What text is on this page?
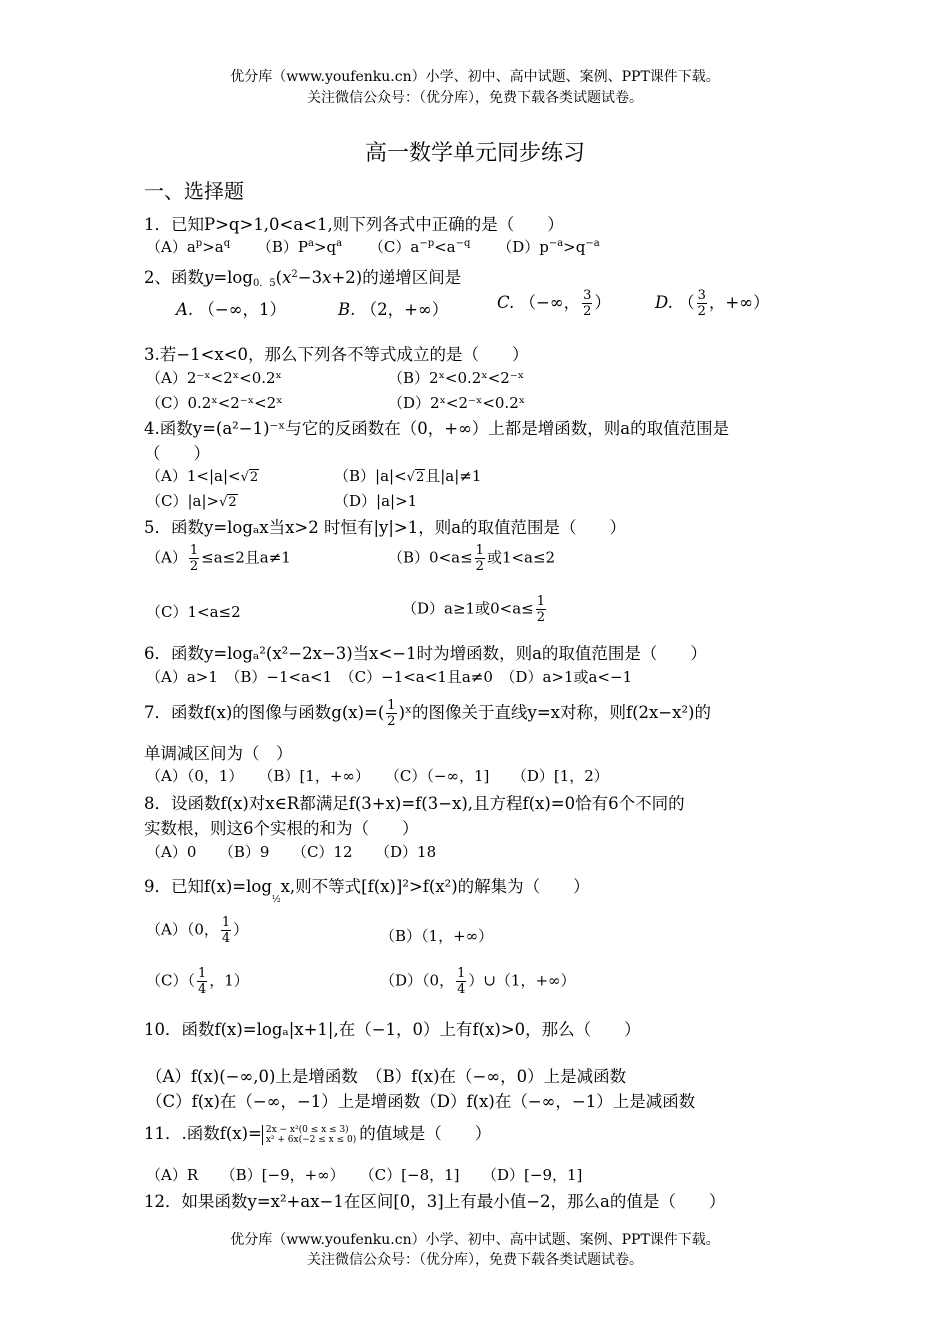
优分库（www.youfenku.cn）小学、初中、高中试题、案例、PPT课件下载。
关注微信公众号：（优分库），免费下载各类试题试卷。
高一数学单元同步练习
一、选择题
1．已知P>q>1,0<a<1,则下列各式中正确的是（　　）
$(A)a^p>a^q$ $(B)P^a>q^a$ $(C)a^{-p}<a^{-q}$ $(D)p^{-a}>q^{-a}$
2、函数$y=\log_{0.5}(x^2-3x+2)$的递增区间是
A. （−∞，1）	B. （2，+∞）	C. （−∞， $\frac{3}{2}$ ）	D. （ $\frac{3}{2}$ ，+∞）
3.若−1<x<0，那么下列各不等式成立的是（　　）
（A）2⁻ˣ<2ˣ<0.2ˣ	（B）2ˣ<0.2ˣ<2⁻ˣ
（C）0.2ˣ<2⁻ˣ<2ˣ	（D）2ˣ<2⁻ˣ<0.2ˣ
4.函数y=(a²−1)⁻ˣ与它的反函数在（0，+∞）上都是增函数，则a的取值范围是
（　　）
（A）1<|a|<√2	（B）|a|<√2且|a|≠1
（C）|a|>√2	（D）|a|>1
5．函数y=logₐx当x>2 时恒有|y|>1，则a的取值范围是（　　）
$(A) \frac{1}{2} \le a\le 2$且a≠1	$(B)0<a\le \frac{1}{2}$ 或1<a≤2
（C）1<a≤2	（D）a≥1或$0<a\le \frac{1}{2}$
6．函数y=logₐ²(x²−2x−3)当x<−1时为增函数，则a的取值范围是（　　）
（A）a>1　（B）−1<a<1　（C）−1<a<1且a≠0　（D）a>1或a<−1
7．函数f(x)的图像与函数$g(x)=( \frac{1}{2}$ )ˣ的图像关于直线y=x对称，则f(2x−x²)的
单调减区间为（　）
（A）（0，1）　　（B）[1，+∞）　　（C）（−∞，1]　　（D）[1，2）
8．设函数f(x)对x∈R都满足f(3+x)=f(3−x),且方程f(x)=0恰有6个不同的
实数根，则这6个实根的和为（　　）
（A）0　　（B）9　　（C）12　　（D）18
9．已知$f(x)=\log_{\frac{1}{2}}x$,则不等式[f(x)]²>f(x²)的解集为（　　）
（A）（0， $\frac{1}{4}$ ）	（B）（1，+∞）
$(C)( \frac{1}{4}$ ，1）	（D）（0， $\frac{1}{4}$ ）∪（1，+∞）
10．函数f(x)=logₐ|x+1|,在（−1，0）上有f(x)>0，那么（　　）
（A）f(x)(−∞,0)上是增函数　（B）f(x)在（−∞，0）上是减函数
（C）f(x)在（−∞，−1）上是增函数（D）f(x)在（−∞，−1）上是减函数
11．.函数f(x)= 2x − x²(0 ≤ x ≤ 3)
x² + 6x(−2 ≤ x ≤ 0) 的值域是（　　）
（A）R　　（B）[−9，+∞）　　（C）[−8，1]　　（D）[−9，1]
12．如果函数y=x²+ax−1在区间[0，3]上有最小值−2，那么a的值是（　　）
优分库（www.youfenku.cn）小学、初中、高中试题、案例、PPT课件下载。
关注微信公众号：（优分库），免费下载各类试题试卷。
